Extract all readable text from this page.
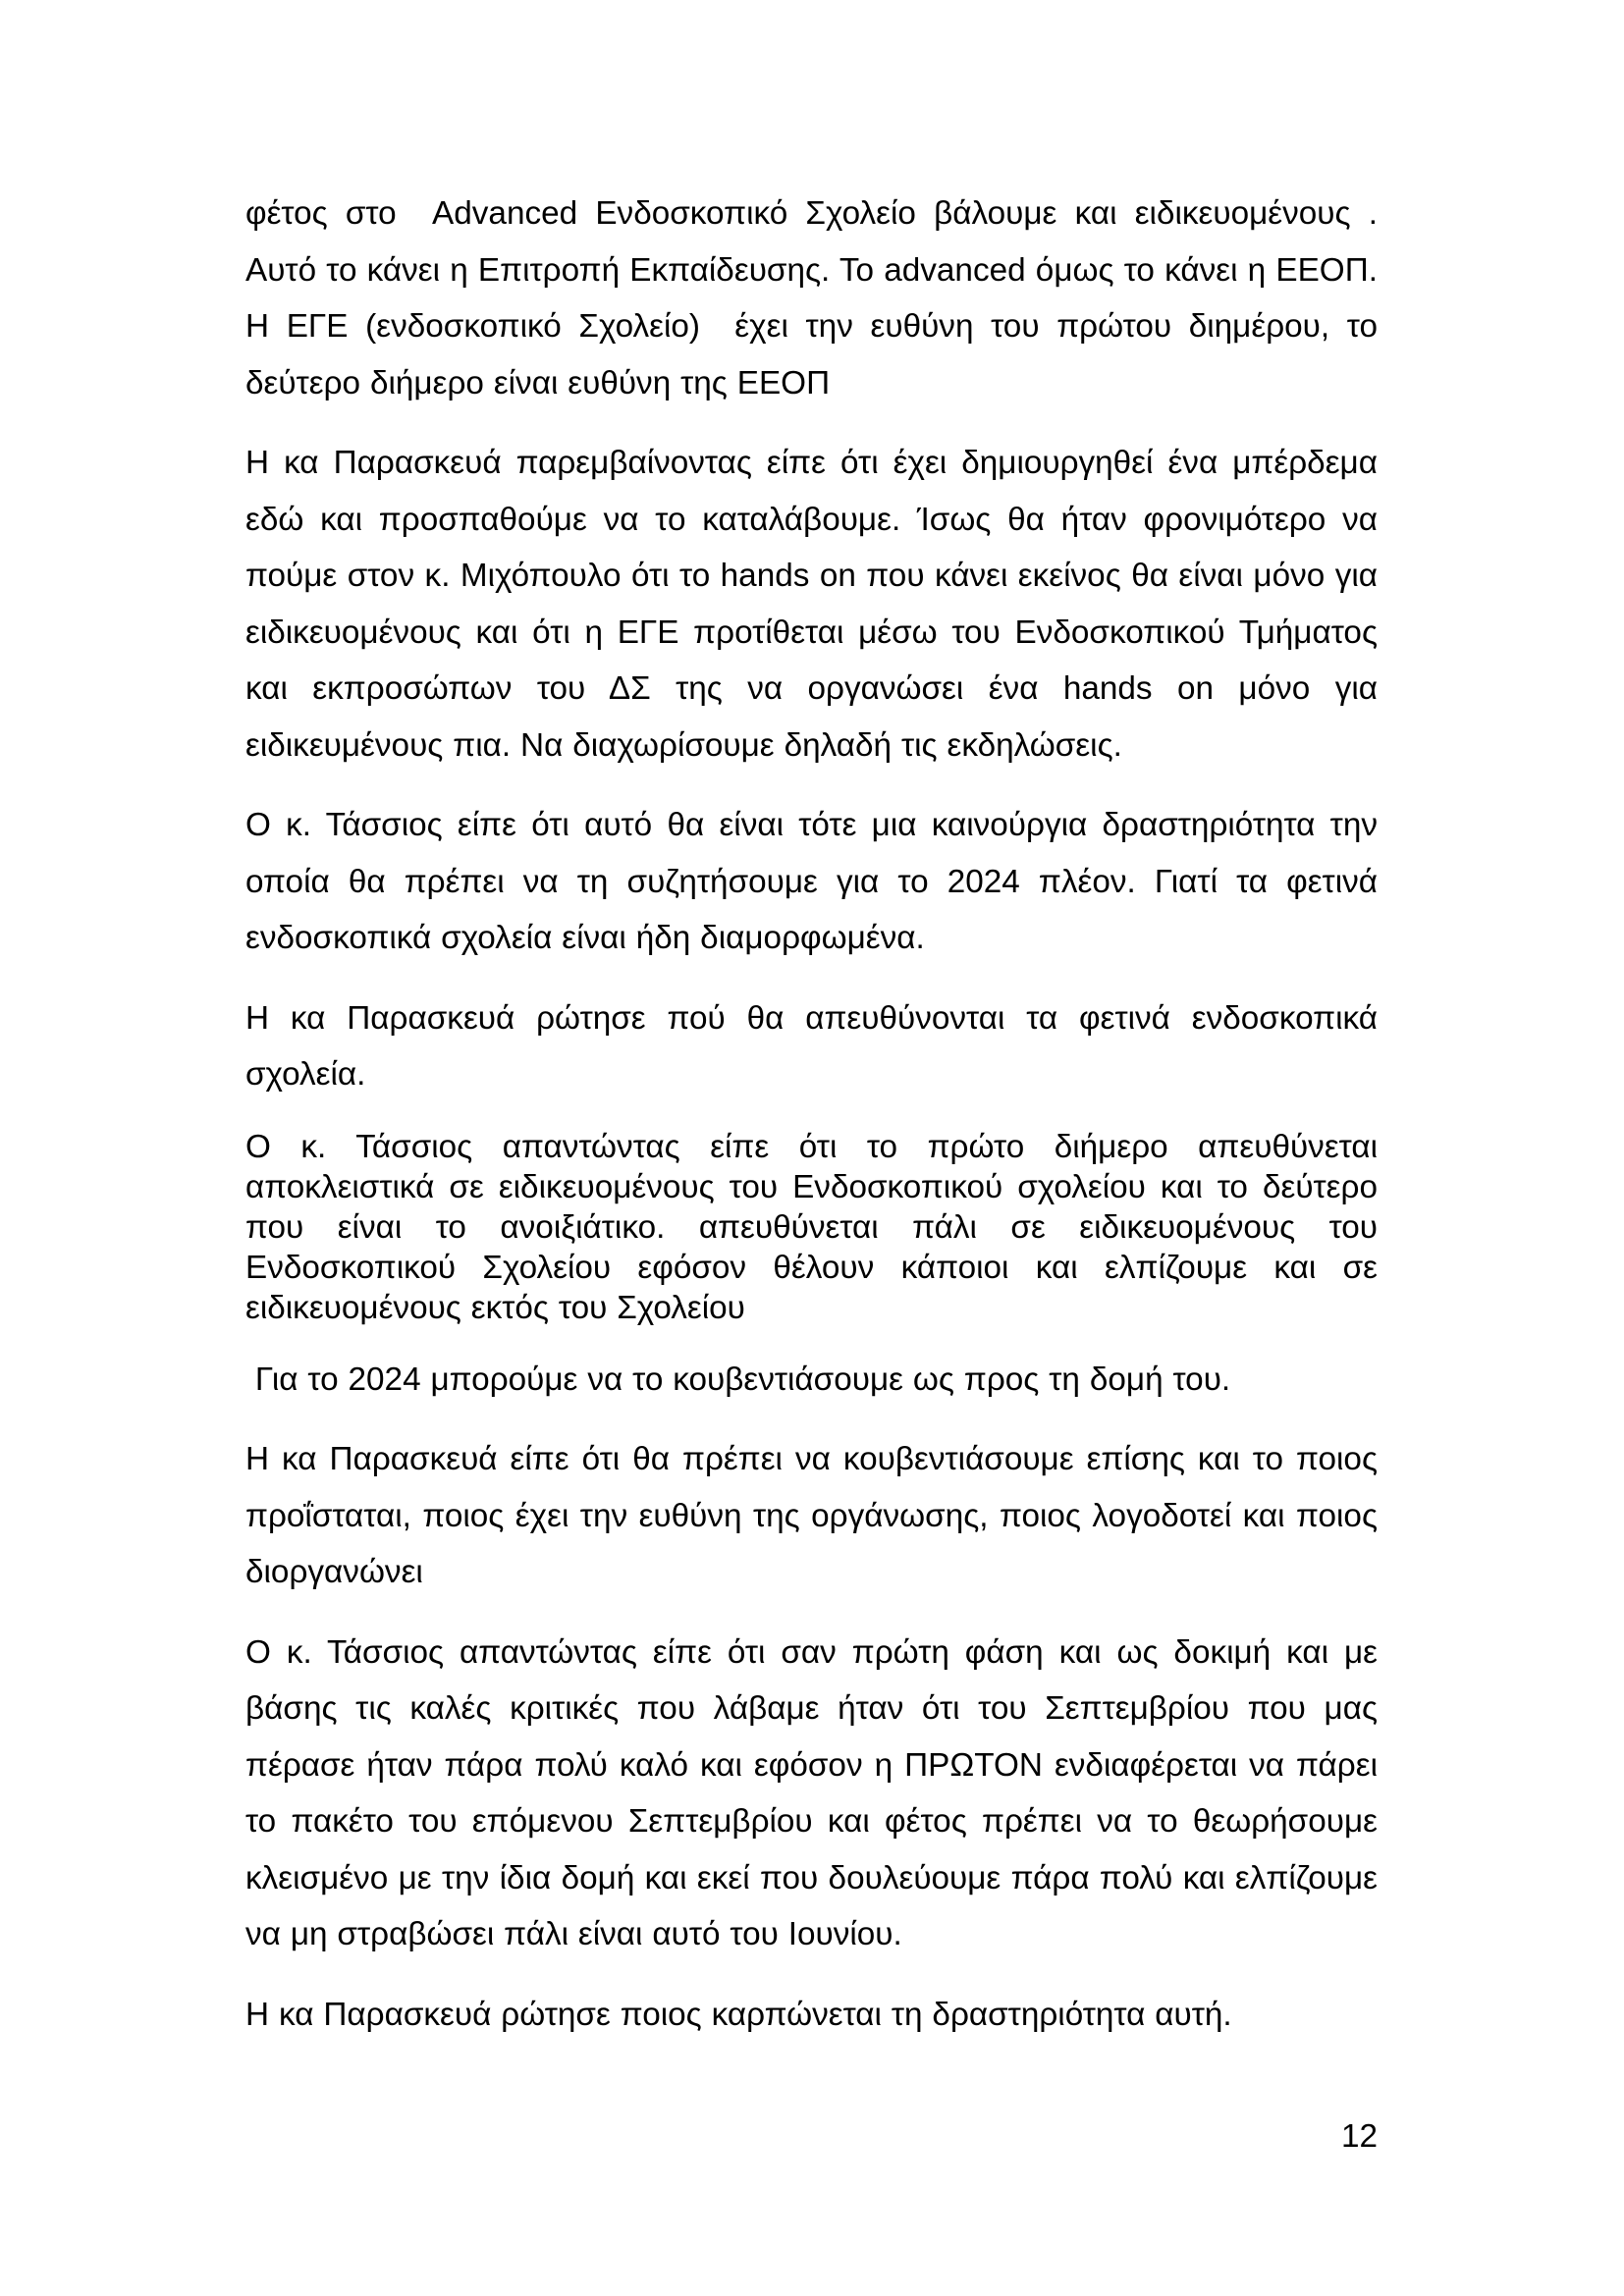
φέτος στο  Advanced Ενδοσκοπικό Σχολείο βάλουμε και ειδικευομένους . Αυτό το κάνει η Επιτροπή Εκπαίδευσης. Το advanced όμως το κάνει η ΕΕΟΠ. Η ΕΓΕ (ενδοσκοπικό Σχολείο)  έχει την ευθύνη του πρώτου διημέρου, το δεύτερο διήμερο είναι ευθύνη της ΕΕΟΠ

Η κα Παρασκευά παρεμβαίνοντας είπε ότι έχει δημιουργηθεί ένα μπέρδεμα εδώ και προσπαθούμε να το καταλάβουμε. Ίσως θα ήταν φρονιμότερο να πούμε στον κ. Μιχόπουλο ότι το hands on που κάνει εκείνος θα είναι μόνο για ειδικευομένους και ότι η ΕΓΕ προτίθεται μέσω του Ενδοσκοπικού Τμήματος και εκπροσώπων του ΔΣ της να οργανώσει ένα hands on μόνο για ειδικευμένους πια. Να διαχωρίσουμε δηλαδή τις εκδηλώσεις.

Ο κ. Τάσσιος είπε ότι αυτό θα είναι τότε μια καινούργια δραστηριότητα την οποία θα πρέπει να τη συζητήσουμε για το 2024 πλέον. Γιατί τα φετινά ενδοσκοπικά σχολεία είναι ήδη διαμορφωμένα.

Η κα Παρασκευά ρώτησε πού θα απευθύνονται τα φετινά ενδοσκοπικά σχολεία.

Ο κ. Τάσσιος απαντώντας είπε ότι το πρώτο διήμερο απευθύνεται αποκλειστικά σε ειδικευομένους του Ενδοσκοπικού σχολείου και το δεύτερο που είναι το ανοιξιάτικο. απευθύνεται πάλι σε ειδικευομένους του Ενδοσκοπικού Σχολείου εφόσον θέλουν κάποιοι και ελπίζουμε και σε ειδικευομένους εκτός του Σχολείου

Για το 2024 μπορούμε να το κουβεντιάσουμε ως προς τη δομή του.

Η κα Παρασκευά είπε ότι θα πρέπει να κουβεντιάσουμε επίσης και το ποιος προΐσταται, ποιος έχει την ευθύνη της οργάνωσης, ποιος λογοδοτεί και ποιος διοργανώνει

Ο κ. Τάσσιος απαντώντας είπε ότι σαν πρώτη φάση και ως δοκιμή και με βάσης τις καλές κριτικές που λάβαμε ήταν ότι του Σεπτεμβρίου που μας πέρασε ήταν πάρα πολύ καλό και εφόσον η ΠΡΩΤΟΝ ενδιαφέρεται να πάρει το πακέτο του επόμενου Σεπτεμβρίου και φέτος πρέπει να το θεωρήσουμε κλεισμένο με την ίδια δομή και εκεί που δουλεύουμε πάρα πολύ και ελπίζουμε να μη στραβώσει πάλι είναι αυτό του Ιουνίου.

Η κα Παρασκευά ρώτησε ποιος καρπώνεται τη δραστηριότητα αυτή.

12
